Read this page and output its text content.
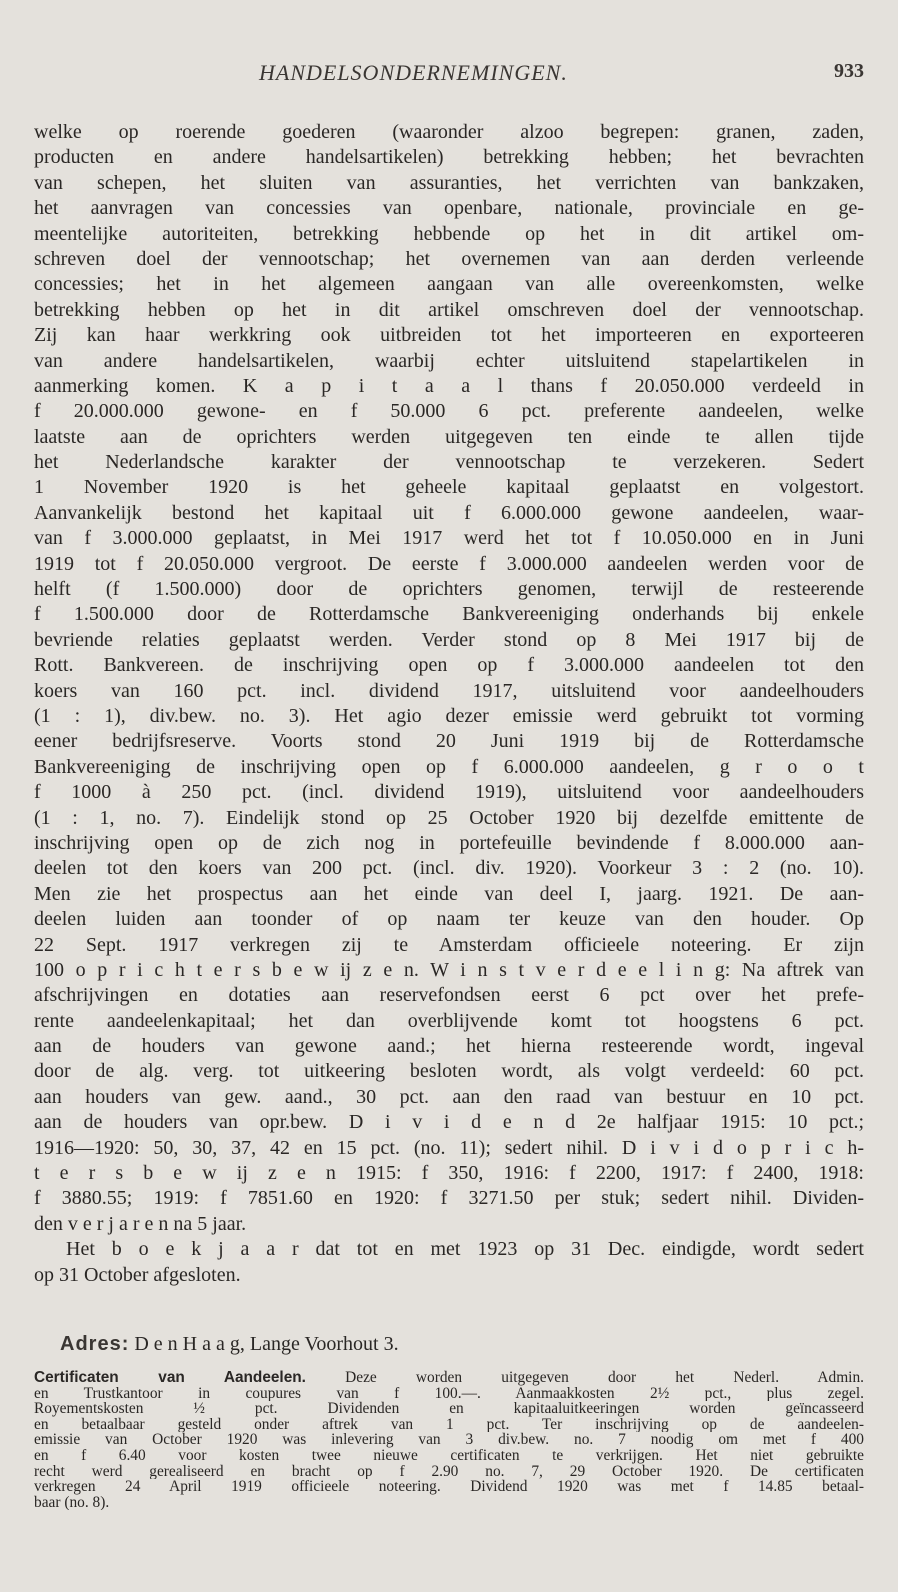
HANDELSONDERNEMINGEN.	933
welke op roerende goederen (waaronder alzoo begrepen: granen, zaden,
producten en andere handelsartikelen) betrekking hebben; het bevrachten
van schepen, het sluiten van assuranties, het verrichten van bankzaken,
het aanvragen van concessies van openbare, nationale, provinciale en ge-
meentelijke autoriteiten, betrekking hebbende op het in dit artikel om-
schreven doel der vennootschap; het overnemen van aan derden verleende
concessies; het in het algemeen aangaan van alle overeenkomsten, welke
betrekking hebben op het in dit artikel omschreven doel der vennootschap.
Zij kan haar werkkring ook uitbreiden tot het importeeren en exporteeren
van andere handelsartikelen, waarbij echter uitsluitend stapelartikelen in
aanmerking komen. K a p i t a a l thans f 20.050.000 verdeeld in
f 20.000.000 gewone- en f 50.000 6 pct. preferente aandeelen, welke
laatste aan de oprichters werden uitgegeven ten einde te allen tijde
het Nederlandsche karakter der vennootschap te verzekeren. Sedert
1 November 1920 is het geheele kapitaal geplaatst en volgestort.
Aanvankelijk bestond het kapitaal uit f 6.000.000 gewone aandeelen, waar-
van f 3.000.000 geplaatst, in Mei 1917 werd het tot f 10.050.000 en in Juni
1919 tot f 20.050.000 vergroot. De eerste f 3.000.000 aandeelen werden voor de
helft (f 1.500.000) door de oprichters genomen, terwijl de resteerende
f 1.500.000 door de Rotterdamsche Bankvereeniging onderhands bij enkele
bevriende relaties geplaatst werden. Verder stond op 8 Mei 1917 bij de
Rott. Bankvereen. de inschrijving open op f 3.000.000 aandeelen tot den
koers van 160 pct. incl. dividend 1917, uitsluitend voor aandeelhouders
(1 : 1), div.bew. no. 3). Het agio dezer emissie werd gebruikt tot vorming
eener bedrijfsreserve. Voorts stond 20 Juni 1919 bij de Rotterdamsche
Bankvereeniging de inschrijving open op f 6.000.000 aandeelen, g r o o t
f 1000 à 250 pct. (incl. dividend 1919), uitsluitend voor aandeelhouders
(1 : 1, no. 7). Eindelijk stond op 25 October 1920 bij dezelfde emittente de
inschrijving open op de zich nog in portefeuille bevindende f 8.000.000 aan-
deelen tot den koers van 200 pct. (incl. div. 1920). Voorkeur 3 : 2 (no. 10).
Men zie het prospectus aan het einde van deel I, jaarg. 1921. De aan-
deelen luiden aan toonder of op naam ter keuze van den houder. Op
22 Sept. 1917 verkregen zij te Amsterdam officieele noteering. Er zijn
100 o p r i c h t e r s b e w ij z e n. W i n s t v e r d e e l i n g: Na aftrek van
afschrijvingen en dotaties aan reservefondsen eerst 6 pct over het prefe-
rente aandeelenkapitaal; het dan overblijvende komt tot hoogstens 6 pct.
aan de houders van gewone aand.; het hierna resteerende wordt, ingeval
door de alg. verg. tot uitkeering besloten wordt, als volgt verdeeld: 60 pct.
aan houders van gew. aand., 30 pct. aan den raad van bestuur en 10 pct.
aan de houders van opr.bew. D i v i d e n d 2e halfjaar 1915: 10 pct.;
1916—1920: 50, 30, 37, 42 en 15 pct. (no. 11); sedert nihil. D i v i d o p r i c h-
t e r s b e w ij z e n 1915: f 350, 1916: f 2200, 1917: f 2400, 1918:
f 3880.55; 1919: f 7851.60 en 1920: f 3271.50 per stuk; sedert nihil. Dividen-
den v e r j a r e n na 5 jaar.
Het b o e k j a a r dat tot en met 1923 op 31 Dec. eindigde, wordt sedert
op 31 October afgesloten.
Adres: D e n H a a g, Lange Voorhout 3.
Certificaten van Aandeelen. Deze worden uitgegeven door het Nederl. Admin.
en Trustkantoor in coupures van f 100.—. Aanmaakkosten 2½ pct., plus zegel.
Royementskosten ½ pct. Dividenden en kapitaaluitkeeringen worden geïncasseerd
en betaalbaar gesteld onder aftrek van 1 pct. Ter inschrijving op de aandeelen-
emissie van October 1920 was inlevering van 3 div.bew. no. 7 noodig om met f 400
en f 6.40 voor kosten twee nieuwe certificaten te verkrijgen. Het niet gebruikte
recht werd gerealiseerd en bracht op f 2.90 no. 7, 29 October 1920. De certificaten
verkregen 24 April 1919 officieele noteering. Dividend 1920 was met f 14.85 betaal-
baar (no. 8).
